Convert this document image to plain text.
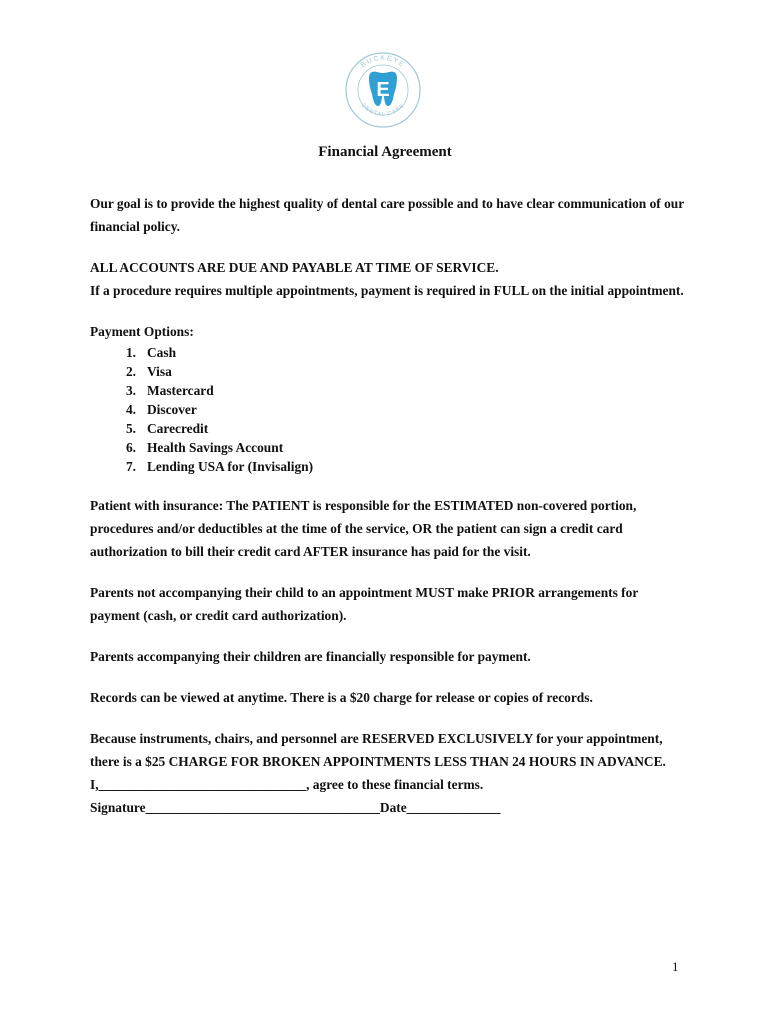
BUCKEYE
DENTAL CARE
E
Financial Agreement

Our goal is to provide the highest quality of dental care possible and to have clear communication of our financial policy.

ALL ACCOUNTS ARE DUE AND PAYABLE AT TIME OF SERVICE.

If a procedure requires multiple appointments, payment is required in FULL on the initial appointment.

Payment Options:

1. Cash
2. Visa
3. Mastercard
4. Discover
5. Carecredit
6. Health Savings Account
7. Lending USA for (Invisalign)

Patient with insurance: The PATIENT is responsible for the ESTIMATED non-covered portion, procedures and/or deductibles at the time of the service, OR the patient can sign a credit card authorization to bill their credit card AFTER insurance has paid for the visit.

Parents not accompanying their child to an appointment MUST make PRIOR arrangements for payment (cash, or credit card authorization).

Parents accompanying their children are financially responsible for payment.

Records can be viewed at anytime. There is a $20 charge for release or copies of records.

Because instruments, chairs, and personnel are RESERVED EXCLUSIVELY for your appointment, there is a $25 CHARGE FOR BROKEN APPOINTMENTS LESS THAN 24 HOURS IN ADVANCE.

I,_______________________________, agree to these financial terms.

Signature___________________________________Date______________

1
